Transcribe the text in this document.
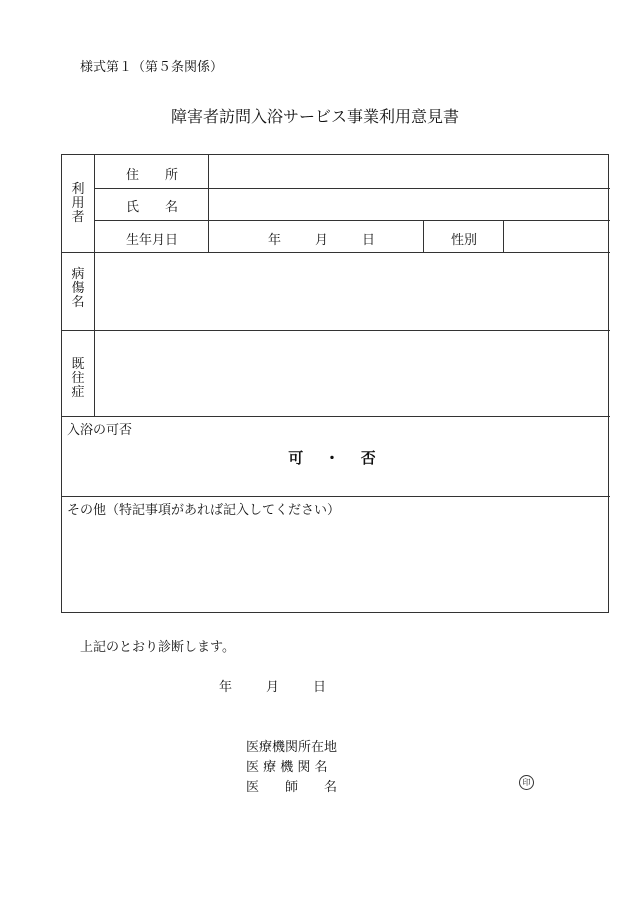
様式第１（第５条関係）
障害者訪問入浴サービス事業利用意見書
利用者
住　　所
氏　　名
生年月日	年	月	日	性別
病傷名
既往症
入浴の可否
可 ・ 否
その他（特記事項があれば記入してください）
上記のとおり診断します。
年	月	日
医療機関所在地
医 療 機 関 名
医　　師　　名	印
